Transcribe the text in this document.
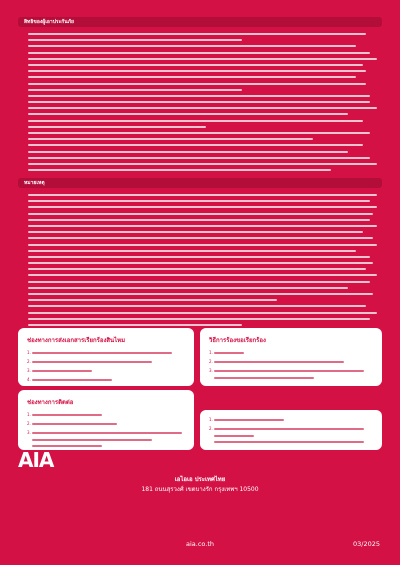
สิทธิของผู้เอาประกันภัย
หมายเหตุ
ช่องทางการส่งเอกสารเรียกร้องสินไหม
1.
2.
3.
4.
วิธีการร้องขอเรียกร้อง
1.
2.
3.
ช่องทางการติดต่อ
1.
2.
3.
1.
2.
AIA
เอไอเอ ประเทศไทย
181 ถนนสุรวงศ์ เขตบางรัก กรุงเทพฯ 10500
aia.co.th	03/2025
